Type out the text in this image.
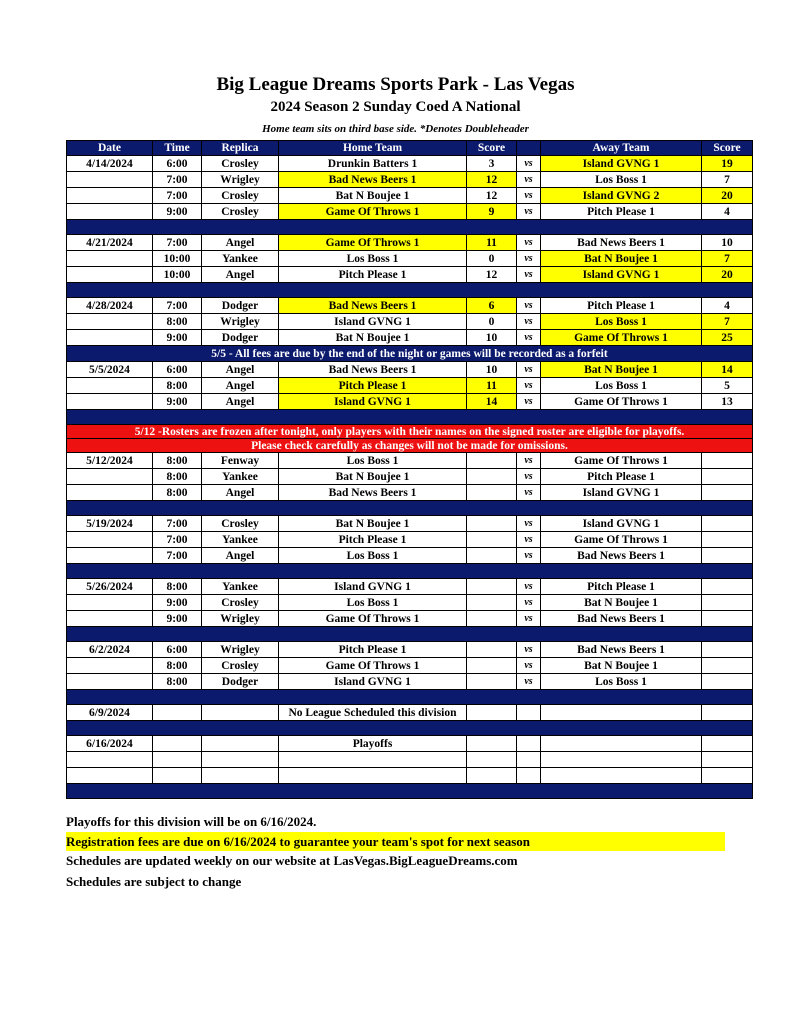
Big League Dreams Sports Park - Las Vegas
2024 Season 2 Sunday Coed A National
Home team sits on third base side. *Denotes Doubleheader
Date	Time	Replica	Home Team	Score		Away Team	Score
4/14/2024	6:00	Crosley	Drunkin Batters 1	3	vs	Island GVNG 1	19
	7:00	Wrigley	Bad News Beers 1	12	vs	Los Boss 1	7
	7:00	Crosley	Bat N Boujee 1	12	vs	Island GVNG 2	20
	9:00	Crosley	Game Of Throws 1	9	vs	Pitch Please 1	4

4/21/2024	7:00	Angel	Game Of Throws 1	11	vs	Bad News Beers 1	10
	10:00	Yankee	Los Boss 1	0	vs	Bat N Boujee 1	7
	10:00	Angel	Pitch Please 1	12	vs	Island GVNG 1	20

4/28/2024	7:00	Dodger	Bad News Beers 1	6	vs	Pitch Please 1	4
	8:00	Wrigley	Island GVNG 1	0	vs	Los Boss 1	7
	9:00	Dodger	Bat N Boujee 1	10	vs	Game Of Throws 1	25
5/5 - All fees are due by the end of the night or games will be recorded as a forfeit							
5/5/2024	6:00	Angel	Bad News Beers 1	10	vs	Bat N Boujee 1	14
	8:00	Angel	Pitch Please 1	11	vs	Los Boss 1	5
	9:00	Angel	Island GVNG 1	14	vs	Game Of Throws 1	13

5/12 -Rosters are frozen after tonight, only players with their names on the signed roster are eligible for playoffs.							
Please check carefully as changes will not be made for omissions.							
5/12/2024	8:00	Fenway	Los Boss 1		vs	Game Of Throws 1	
	8:00	Yankee	Bat N Boujee 1		vs	Pitch Please 1	
	8:00	Angel	Bad News Beers 1		vs	Island GVNG 1	

5/19/2024	7:00	Crosley	Bat N Boujee 1		vs	Island GVNG 1	
	7:00	Yankee	Pitch Please 1		vs	Game Of Throws 1	
	7:00	Angel	Los Boss 1		vs	Bad News Beers 1	

5/26/2024	8:00	Yankee	Island GVNG 1		vs	Pitch Please 1	
	9:00	Crosley	Los Boss 1		vs	Bat N Boujee 1	
	9:00	Wrigley	Game Of Throws 1		vs	Bad News Beers 1	

6/2/2024	6:00	Wrigley	Pitch Please 1		vs	Bad News Beers 1	
	8:00	Crosley	Game Of Throws 1		vs	Bat N Boujee 1	
	8:00	Dodger	Island GVNG 1		vs	Los Boss 1	

6/9/2024			No League Scheduled this division				

6/16/2024			Playoffs				

Playoffs for this division will be on 6/16/2024.
Registration fees are due on 6/16/2024 to guarantee your team's spot for next season
Schedules are updated weekly on our website at LasVegas.BigLeagueDreams.com
Schedules are subject to change
